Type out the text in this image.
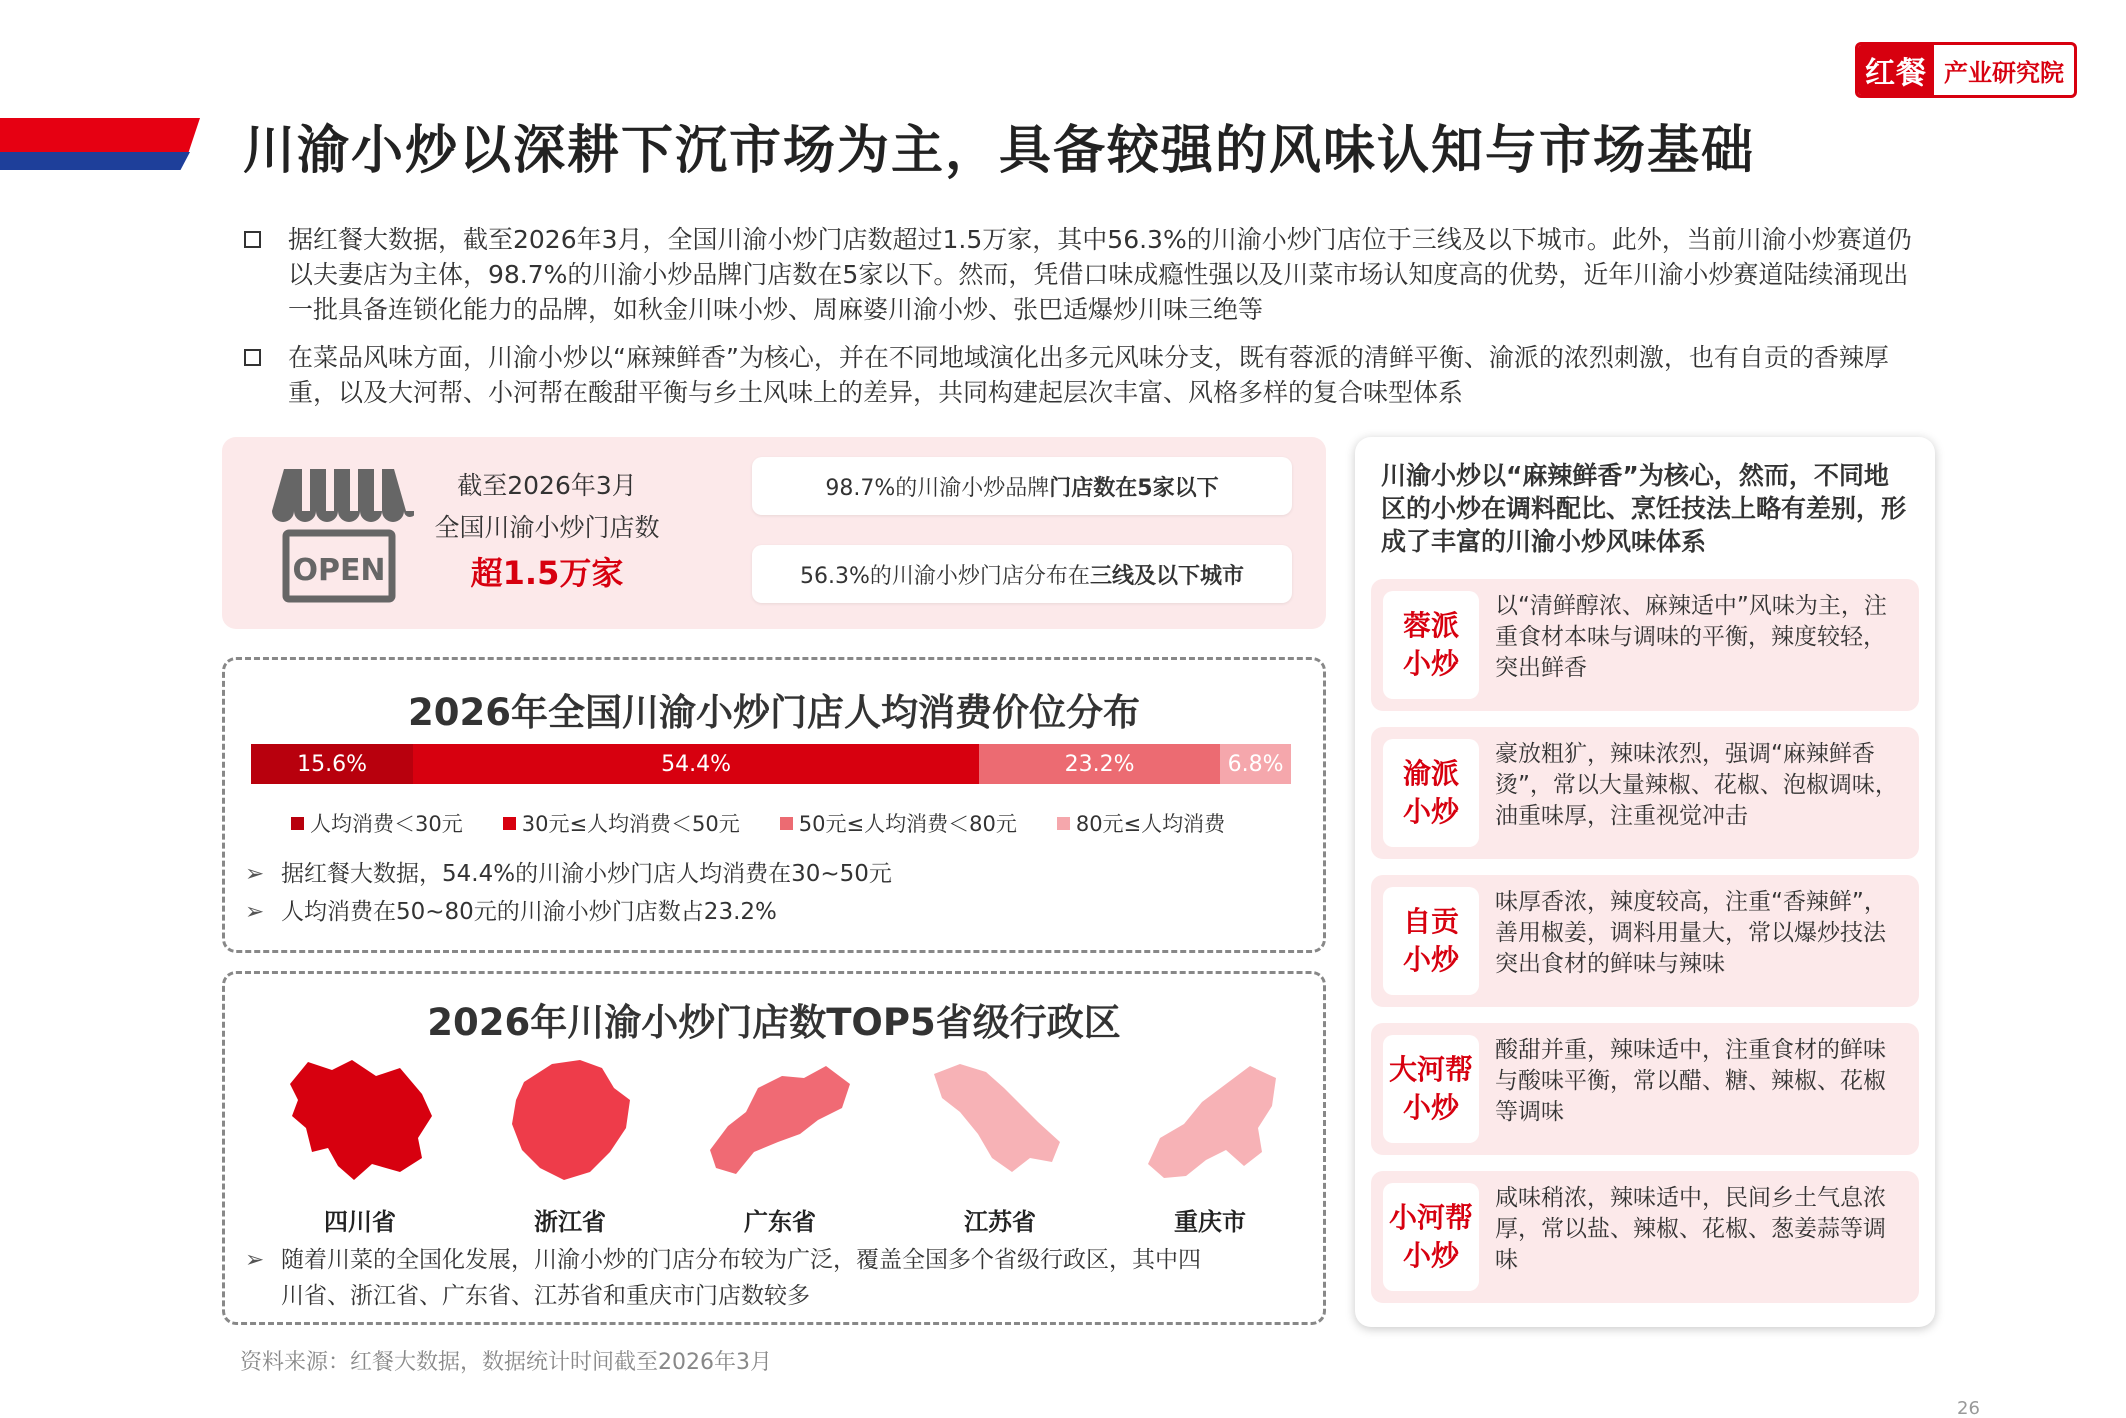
红餐 产业研究院
川渝小炒以深耕下沉市场为主，具备较强的风味认知与市场基础
据红餐大数据，截至2026年3月，全国川渝小炒门店数超过1.5万家，其中56.3%的川渝小炒门店位于三线及以下城市。此外，当前川渝小炒赛道仍以夫妻店为主体，98.7%的川渝小炒品牌门店数在5家以下。然而，凭借口味成瘾性强以及川菜市场认知度高的优势，近年川渝小炒赛道陆续涌现出一批具备连锁化能力的品牌，如秋金川味小炒、周麻婆川渝小炒、张巴适爆炒川味三绝等
在菜品风味方面，川渝小炒以“麻辣鲜香”为核心，并在不同地域演化出多元风味分支，既有蓉派的清鲜平衡、渝派的浓烈刺激，也有自贡的香辣厚重，以及大河帮、小河帮在酸甜平衡与乡土风味上的差异，共同构建起层次丰富、风格多样的复合味型体系
OPEN
截至2026年3月
全国川渝小炒门店数
超1.5万家
98.7%的川渝小炒品牌 门店数在5家以下
56.3%的川渝小炒门店分布在 三线及以下城市
2026年全国川渝小炒门店人均消费价位分布
15.6%	54.4%	23.2%	6.8%
人均消费＜30元	30元≤人均消费＜50元	50元≤人均消费＜80元	80元≤人均消费
➢ 据红餐大数据，54.4%的川渝小炒门店人均消费在30~50元
➢ 人均消费在50~80元的川渝小炒门店数占23.2%
2026年川渝小炒门店数TOP5省级行政区
四川省	浙江省	广东省	江苏省	重庆市
➢ 随着川菜的全国化发展，川渝小炒的门店分布较为广泛，覆盖全国多个省级行政区，其中四
川省、浙江省、广东省、江苏省和重庆市门店数较多
资料来源：红餐大数据，数据统计时间截至2026年3月
26
川渝小炒以“麻辣鲜香”为核心，然而，不同地区的小炒在调料配比、烹饪技法上略有差别，形成了丰富的川渝小炒风味体系
蓉派
小炒
以“清鲜醇浓、麻辣适中”风味为主，注重食材本味与调味的平衡，辣度较轻，突出鲜香
渝派
小炒
豪放粗犷，辣味浓烈，强调“麻辣鲜香烫”，常以大量辣椒、花椒、泡椒调味，油重味厚，注重视觉冲击
自贡
小炒
味厚香浓，辣度较高，注重“香辣鲜”，善用椒姜，调料用量大，常以爆炒技法突出食材的鲜味与辣味
大河帮
小炒
酸甜并重，辣味适中，注重食材的鲜味与酸味平衡，常以醋、糖、辣椒、花椒等调味
小河帮
小炒
咸味稍浓，辣味适中，民间乡土气息浓厚，常以盐、辣椒、花椒、葱姜蒜等调味
